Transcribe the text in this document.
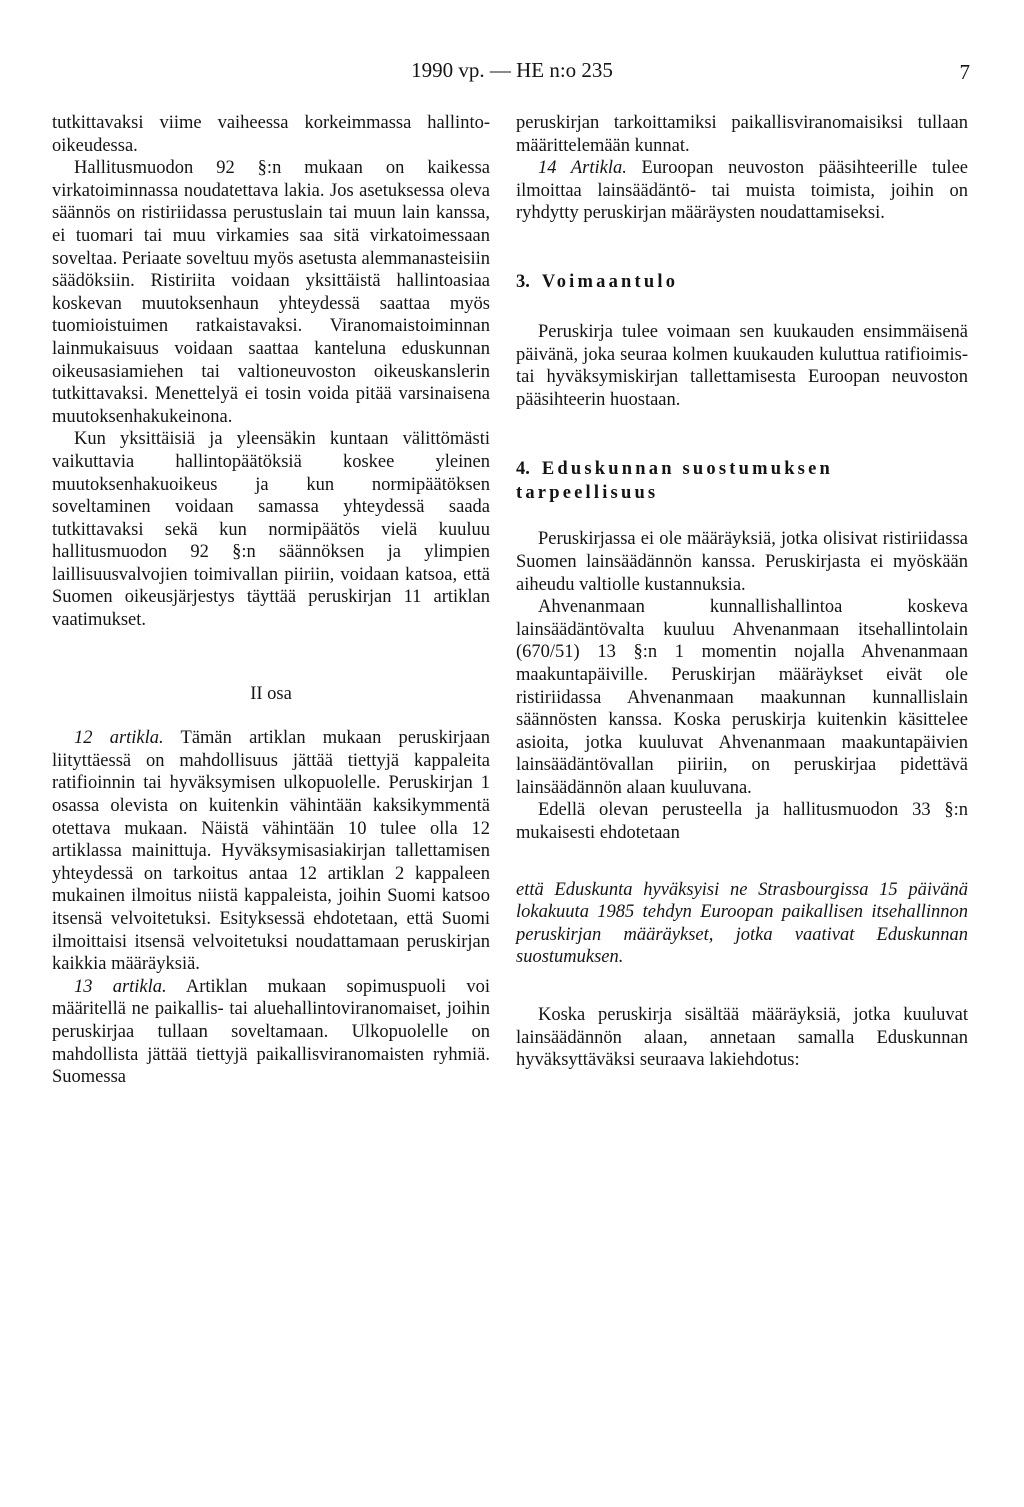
1990 vp. — HE n:o 235	7

tutkittavaksi viime vaiheessa korkeimmassa hallinto-oikeudessa.

Hallitusmuodon 92 §:n mukaan on kaikessa virkatoiminnassa noudatettava lakia. Jos asetuksessa oleva säännös on ristiriidassa perustuslain tai muun lain kanssa, ei tuomari tai muu virkamies saa sitä virkatoimessaan soveltaa. Periaate soveltuu myös asetusta alemmanasteisiin säädöksiin. Ristiriita voidaan yksittäistä hallintoasiaa koskevan muutoksenhaun yhteydessä saattaa myös tuomioistuimen ratkaistavaksi. Viranomaistoiminnan lainmukaisuus voidaan saattaa kanteluna eduskunnan oikeusasiamiehen tai valtioneuvoston oikeuskanslerin tutkittavaksi. Menettelyä ei tosin voida pitää varsinaisena muutoksenhakukeinona.

Kun yksittäisiä ja yleensäkin kuntaan välittömästi vaikuttavia hallintopäätöksiä koskee yleinen muutoksenhakuoikeus ja kun normipäätöksen soveltaminen voidaan samassa yhteydessä saada tutkittavaksi sekä kun normipäätös vielä kuuluu hallitusmuodon 92 §:n säännöksen ja ylimpien laillisuusvalvojien toimivallan piiriin, voidaan katsoa, että Suomen oikeusjärjestys täyttää peruskirjan 11 artiklan vaatimukset.

II osa

12 artikla. Tämän artiklan mukaan peruskirjaan liityttäessä on mahdollisuus jättää tiettyjä kappaleita ratifioinnin tai hyväksymisen ulkopuolelle. Peruskirjan 1 osassa olevista on kuitenkin vähintään kaksikymmentä otettava mukaan. Näistä vähintään 10 tulee olla 12 artiklassa mainittuja. Hyväksymisasiakirjan tallettamisen yhteydessä on tarkoitus antaa 12 artiklan 2 kappaleen mukainen ilmoitus niistä kappaleista, joihin Suomi katsoo itsensä velvoitetuksi. Esityksessä ehdotetaan, että Suomi ilmoittaisi itsensä velvoitetuksi noudattamaan peruskirjan kaikkia määräyksiä.

13 artikla. Artiklan mukaan sopimuspuoli voi määritellä ne paikallis- tai aluehallintoviranomaiset, joihin peruskirjaa tullaan soveltamaan. Ulkopuolelle on mahdollista jättää tiettyjä paikallisviranomaisten ryhmiä. Suomessa

peruskirjan tarkoittamiksi paikallisviranomaisiksi tullaan määrittelemään kunnat.

14 Artikla. Euroopan neuvoston pääsihteerille tulee ilmoittaa lainsäädäntö- tai muista toimista, joihin on ryhdytty peruskirjan määräysten noudattamiseksi.

3. Voimaantulo

Peruskirja tulee voimaan sen kuukauden ensimmäisenä päivänä, joka seuraa kolmen kuukauden kuluttua ratifioimis- tai hyväksymiskirjan tallettamisesta Euroopan neuvoston pääsihteerin huostaan.

4. Eduskunnan suostumuksen tarpeellisuus

Peruskirjassa ei ole määräyksiä, jotka olisivat ristiriidassa Suomen lainsäädännön kanssa. Peruskirjasta ei myöskään aiheudu valtiolle kustannuksia.

Ahvenanmaan kunnallishallintoa koskeva lainsäädäntövalta kuuluu Ahvenanmaan itsehallintolain (670/51) 13 §:n 1 momentin nojalla Ahvenanmaan maakuntapäiville. Peruskirjan määräykset eivät ole ristiriidassa Ahvenanmaan maakunnan kunnallislain säännösten kanssa. Koska peruskirja kuitenkin käsittelee asioita, jotka kuuluvat Ahvenanmaan maakuntapäivien lainsäädäntövallan piiriin, on peruskirjaa pidettävä lainsäädännön alaan kuuluvana.

Edellä olevan perusteella ja hallitusmuodon 33 §:n mukaisesti ehdotetaan

että Eduskunta hyväksyisi ne Strasbourgissa 15 päivänä lokakuuta 1985 tehdyn Euroopan paikallisen itsehallinnon peruskirjan määräykset, jotka vaativat Eduskunnan suostumuksen.

Koska peruskirja sisältää määräyksiä, jotka kuuluvat lainsäädännön alaan, annetaan samalla Eduskunnan hyväksyttäväksi seuraava lakiehdotus:
